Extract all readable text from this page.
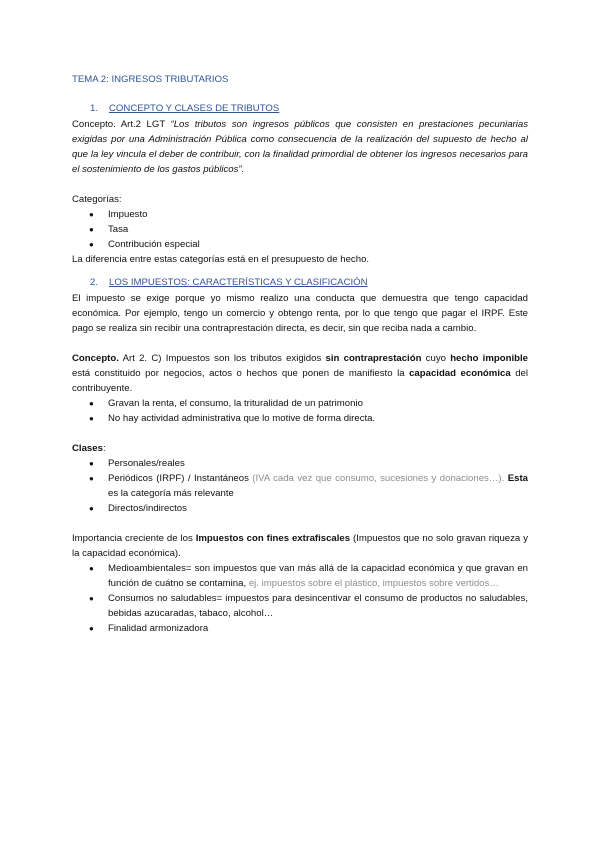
TEMA 2: INGRESOS TRIBUTARIOS
1. CONCEPTO Y CLASES DE TRIBUTOS

Concepto. Art.2 LGT “Los tributos son ingresos públicos que consisten en prestaciones pecuniarias exigidas por una Administración Pública como consecuencia de la realización del supuesto de hecho al que la ley vincula el deber de contribuir, con la finalidad primordial de obtener los ingresos necesarios para el sostenimiento de los gastos públicos”.

Categorías:

● Impuesto
● Tasa
● Contribución especial

La diferencia entre estas categorías está en el presupuesto de hecho.

2. LOS IMPUESTOS: CARACTERÍSTICAS Y CLASIFICACIÓN

El impuesto se exige porque yo mismo realizo una conducta que demuestra que tengo capacidad económica. Por ejemplo, tengo un comercio y obtengo renta, por lo que tengo que pagar el IRPF. Este pago se realiza sin recibir una contraprestación directa, es decir, sin que reciba nada a cambio.

Concepto. Art 2. C) Impuestos son los tributos exigidos sin contraprestación cuyo hecho imponible está constituido por negocios, actos o hechos que ponen de manifiesto la capacidad económica del contribuyente.

● Gravan la renta, el consumo, la trituralidad de un patrimonio
● No hay actividad administrativa que lo motive de forma directa.

Clases:

● Personales/reales
● Periódicos (IRPF) / Instantáneos (IVA cada vez que consumo, sucesiones y donaciones…). Esta es la categoría más relevante
● Directos/indirectos

Importancia creciente de los Impuestos con fines extrafiscales (Impuestos que no solo gravan riqueza y la capacidad económica).

● Medioambientales= son impuestos que van más allá de la capacidad económica y que gravan en función de cuátno se contamina, ej. impuestos sobre el plástico, impuestos sobre vertidos…
● Consumos no saludables= impuestos para desincentivar el consumo de productos no saludables, bebidas azucaradas, tabaco, alcohol…
● Finalidad armonizadora
